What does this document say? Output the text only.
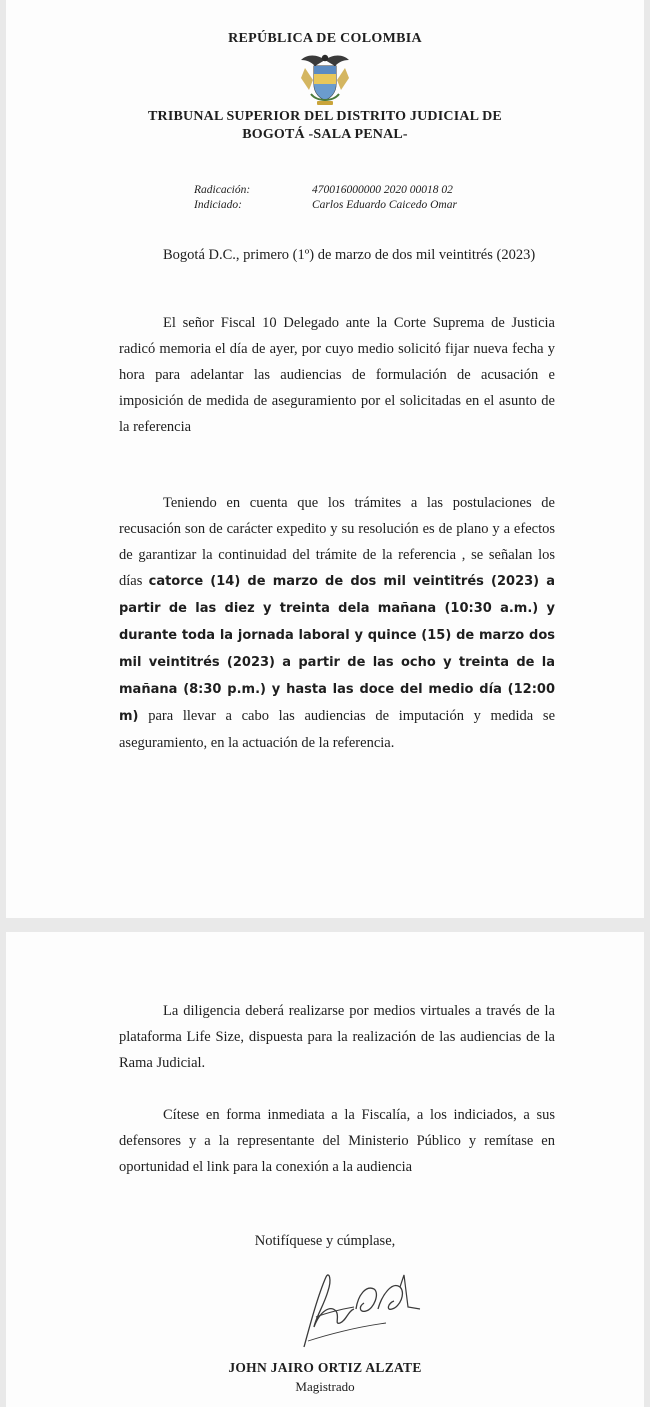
REPÚBLICA DE COLOMBIA
TRIBUNAL SUPERIOR DEL DISTRITO JUDICIAL DE
BOGOTÁ -SALA PENAL-
Radicación:	470016000000 2020 00018 02
Indiciado:	Carlos Eduardo Caicedo Omar

Bogotá D.C., primero (1º) de marzo de dos mil veintitrés (2023)

El señor Fiscal 10 Delegado ante la Corte Suprema de Justicia radicó memoria el día de ayer, por cuyo medio solicitó fijar nueva fecha y hora para adelantar las audiencias de formulación de acusación e imposición de medida de aseguramiento por el solicitadas en el asunto de la referencia

Teniendo en cuenta que los trámites a las postulaciones de recusación son de carácter expedito y su resolución es de plano y a efectos de garantizar la continuidad del trámite de la referencia , se señalan los días catorce (14) de marzo de dos mil veintitrés (2023) a partir de las diez y treinta dela mañana (10:30 a.m.) y durante toda la jornada laboral y quince (15) de marzo dos mil veintitrés (2023) a partir de las ocho y treinta de la mañana (8:30 p.m.) y hasta las doce del medio día (12:00 m) para llevar a cabo las audiencias de imputación y medida se aseguramiento, en la actuación de la referencia.

La diligencia deberá realizarse por medios virtuales a través de la plataforma Life Size, dispuesta para la realización de las audiencias de la Rama Judicial.

Cítese en forma inmediata a la Fiscalía, a los indiciados, a sus defensores y a la representante del Ministerio Público y remítase en oportunidad el link para la conexión a la audiencia

Notifíquese y cúmplase,
JOHN JAIRO ORTIZ ALZATE
Magistrado
